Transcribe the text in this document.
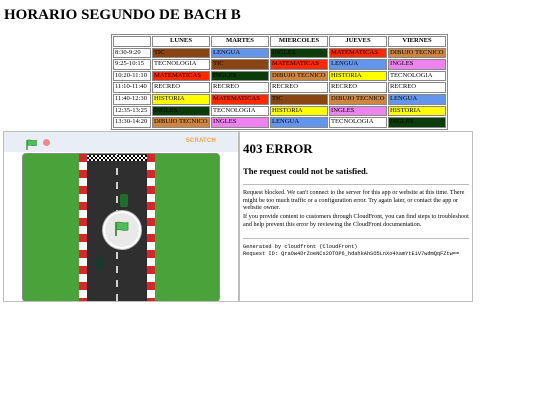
HORARIO SEGUNDO DE BACH B
	LUNES	MARTES	MIERCOLES	JUEVES	VIERNES
8:30-9:20	TIC	LENGUA	INGLES	MATEMATICAS	DIBUJO TECNICO
9:25-10:15	TECNOLOGIA	TIC	MATEMATICAS	LENGUA	INGLES
10:20-11:10	MATEMATICAS	INGLES	DIBUJO TECNICO	HISTORIA	TECNOLOGIA
11:10-11:40	RECREO	RECREO	RECREO	RECREO	RECREO
11:40-12:30	HISTORIA	MATEMATICAS	TIC	DIBUJO TECNICO	LENGUA
12:35-13:25	INGLES	TECNOLOGIA	HISTORIA	INGLES	HISTORIA
13:30-14:20	DIBUJO TECNICO	INGLES	LENGUA	TECNOLOGIA	INGLES
SCRATCH 403 ERROR
The request could not be satisfied.
Request blocked. We can't connect to the server for this app or website at this time. There might be too much traffic or a configuration error. Try again later, or contact the app or website owner.
If you provide content to customers through CloudFront, you can find steps to troubleshoot and help prevent this error by reviewing the CloudFront documentation.
Generated by cloudfront (CloudFront)
Request ID: QraOw4DrZoeNCs2OTOP6_hdahkAhSO5LnXo4XamYtEiV7wdmQqFZtw==
